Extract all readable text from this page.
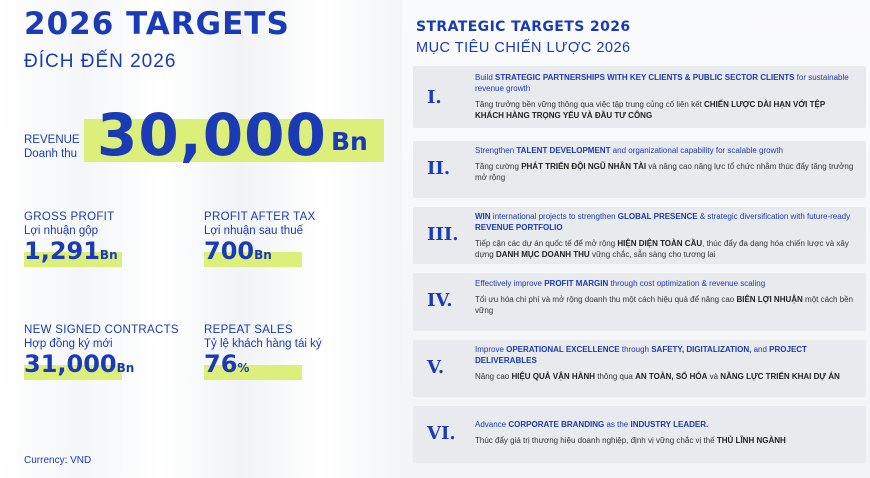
2026 TARGETS
ĐÍCH ĐẾN 2026
REVENUE
Doanh thu 30,000 Bn
GROSS PROFIT
Lợi nhuận gộp
1,291Bn
PROFIT AFTER TAX
Lợi nhuận sau thuế
700Bn
NEW SIGNED CONTRACTS
Hợp đồng ký mới
31,000Bn
REPEAT SALES
Tỷ lệ khách hàng tái ký
76%
Currency: VND
STRATEGIC TARGETS 2026
MỤC TIÊU CHIẾN LƯỢC 2026
I.
Build STRATEGIC PARTNERSHIPS WITH KEY CLIENTS & PUBLIC SECTOR CLIENTS for sustainable revenue growth
Tăng trưởng bền vững thông qua việc tập trung củng cố liên kết CHIẾN LƯỢC DÀI HẠN VỚI TỆP KHÁCH HÀNG TRỌNG YẾU VÀ ĐẦU TƯ CÔNG
II.
Strengthen TALENT DEVELOPMENT and organizational capability for scalable growth
Tăng cường PHÁT TRIỂN ĐỘI NGŨ NHÂN TÀI và nâng cao năng lực tổ chức nhằm thúc đẩy tăng trưởng mở rộng
III.
WIN international projects to strengthen GLOBAL PRESENCE & strategic diversification with future-ready REVENUE PORTFOLIO
Tiếp cận các dự án quốc tế để mở rộng HIỆN DIỆN TOÀN CẦU, thúc đẩy đa dạng hóa chiến lược và xây dựng DANH MỤC DOANH THU vững chắc, sẵn sàng cho tương lai
IV.
Effectively improve PROFIT MARGIN through cost optimization & revenue scaling
Tối ưu hóa chi phí và mở rộng doanh thu một cách hiệu quả để nâng cao BIÊN LỢI NHUẬN một cách bền vững
V.
Improve OPERATIONAL EXCELLENCE through SAFETY, DIGITALIZATION, and PROJECT DELIVERABLES
Nâng cao HIỆU QUẢ VẬN HÀNH thông qua AN TOÀN, SỐ HÓA và NĂNG LỰC TRIỂN KHAI DỰ ÁN
VI. Advance CORPORATE BRANDING as the INDUSTRY LEADER.
Thúc đẩy giá trị thương hiệu doanh nghiệp, định vị vững chắc vị thế THỦ LĨNH NGÀNH
